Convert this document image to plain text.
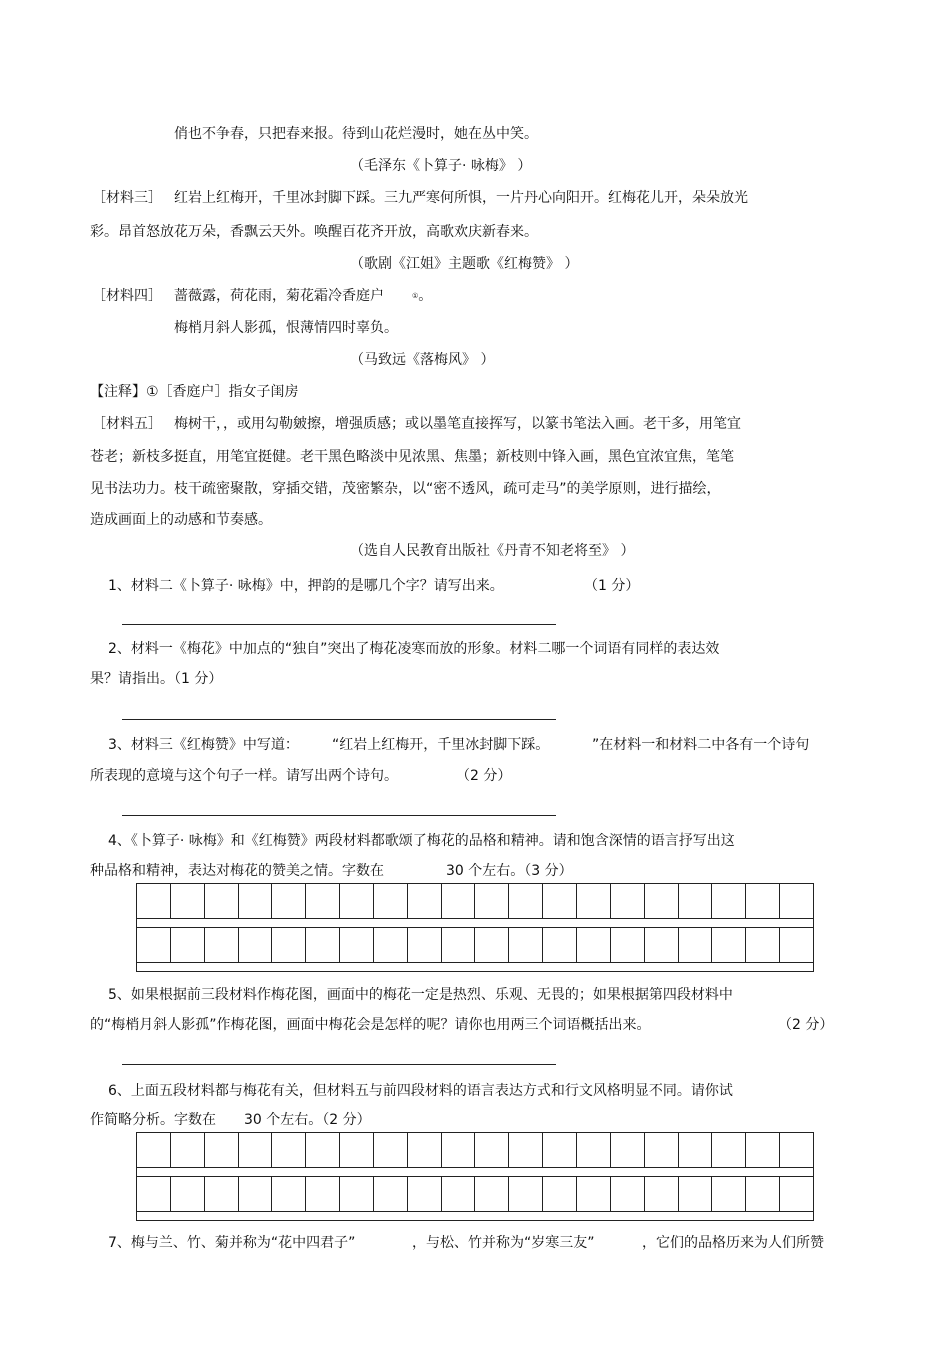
俏也不争春，只把春来报。待到山花烂漫时，她在丛中笑。
（毛泽东《卜算子· 咏梅》 ）
［材料三］ 红岩上红梅开，千里冰封脚下踩。三九严寒何所惧，一片丹心向阳开。红梅花儿开，朵朵放光
彩。昂首怒放花万朵，香飘云天外。唤醒百花齐开放，高歌欢庆新春来。
（歌剧《江姐》主题歌《红梅赞》 ）
［材料四］ 蔷薇露，荷花雨，菊花霜冷香庭户	①。
梅梢月斜人影孤，恨薄情四时辜负。
（马致远《落梅风》 ）
【注释】①［香庭户］指女子闺房
［材料五］ 梅树干，，或用勾勒皴擦，增强质感；或以墨笔直接挥写，以篆书笔法入画。老干多，用笔宜
苍老；新枝多挺直，用笔宜挺健。老干黑色略淡中见浓黑、焦墨；新枝则中锋入画，黑色宜浓宜焦，笔笔
见书法功力。枝干疏密聚散，穿插交错，茂密繁杂，以“密不透风，疏可走马”的美学原则，进行描绘，
造成画面上的动感和节奏感。
（选自人民教育出版社《丹青不知老将至》 ）
1、材料二《卜算子· 咏梅》中，押韵的是哪几个字？请写出来。	（1 分）
2、材料一《梅花》中加点的“独自”突出了梅花凌寒而放的形象。材料二哪一个词语有同样的表达效
果？请指出。（1 分）
3、材料三《红梅赞》中写道： “红岩上红梅开，千里冰封脚下踩。	”在材料一和材料二中各有一个诗句
所表现的意境与这个句子一样。请写出两个诗句。	（2 分）
4、《卜算子· 咏梅》和《红梅赞》两段材料都歌颂了梅花的品格和精神。请和饱含深情的语言抒写出这
种品格和精神，表达对梅花的赞美之情。字数在	30 个左右。（3 分）
5、如果根据前三段材料作梅花图，画面中的梅花一定是热烈、乐观、无畏的；如果根据第四段材料中
的“梅梢月斜人影孤”作梅花图，画面中梅花会是怎样的呢？请你也用两三个词语概括出来。	（2 分）
6、上面五段材料都与梅花有关，但材料五与前四段材料的语言表达方式和行文风格明显不同。请你试
作简略分析。字数在 30 个左右。（2 分）
7、梅与兰、竹、菊并称为“花中四君子”	，与松、竹并称为“岁寒三友”	，它们的品格历来为人们所赞
